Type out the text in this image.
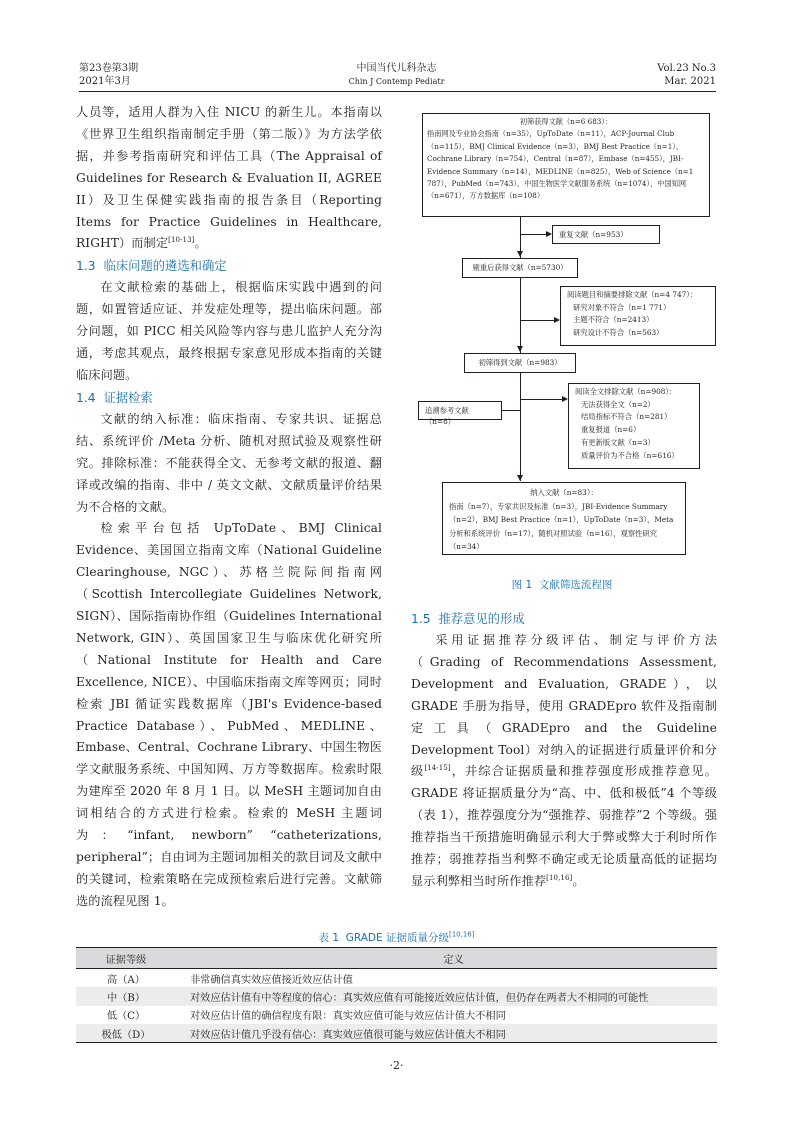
第23卷第3期
2021年3月
中国当代儿科杂志
Chin J Contemp Pediatr
Vol.23 No.3
Mar. 2021

人员等，适用人群为入住 NICU 的新生儿。本指南以《世界卫生组织指南制定手册（第二版）》为方法学依据，并参考指南研究和评估工具（The Appraisal of Guidelines for Research & Evaluation II, AGREE II）及卫生保健实践指南的报告条目（Reporting Items for Practice Guidelines in Healthcare, RIGHT）而制定[10-13]。

1.3 临床问题的遴选和确定

在文献检索的基础上，根据临床实践中遇到的问题，如置管适应证、并发症处理等，提出临床问题。部分问题，如 PICC 相关风险等内容与患儿监护人充分沟通，考虑其观点，最终根据专家意见形成本指南的关键临床问题。

1.4 证据检索

文献的纳入标准：临床指南、专家共识、证据总结、系统评价 /Meta 分析、随机对照试验及观察性研究。排除标准：不能获得全文、无参考文献的报道、翻译或改编的指南、非中 / 英文文献、文献质量评价结果为不合格的文献。

检索平台包括 UpToDate、BMJ Clinical Evidence、美国国立指南文库（National Guideline Clearinghouse, NGC）、苏格兰院际间指南网（Scottish Intercollegiate Guidelines Network, SIGN）、国际指南协作组（Guidelines International Network, GIN）、英国国家卫生与临床优化研究所（National Institute for Health and Care Excellence, NICE）、中国临床指南文库等网页；同时检索 JBI 循证实践数据库（JBI's Evidence-based Practice Database）、PubMed、MEDLINE、Embase、Central、Cochrane Library、中国生物医学文献服务系统、中国知网、万方等数据库。检索时限为建库至 2020 年 8 月 1 日。以 MeSH 主题词加自由词相结合的方式进行检索。检索的 MeSH 主题词为：“infant, newborn” “catheterizations, peripheral”；自由词为主题词加相关的款目词及文献中的关键词，检索策略在完成预检索后进行完善。文献筛选的流程见图 1。

初筛获得文献（n=6 683）：
指南网及专业协会指南（n=35），UpToDate（n=11），ACP-Journal Club（n=115），BMJ Clinical Evidence（n=3），BMJ Best Practice（n=1），Cochrane Library（n=754），Central（n=87），Embase（n=455），JBI-Evidence Summary（n=14），MEDLINE（n=825），Web of Science（n=1 787），PubMed（n=743），中国生物医学文献服务系统（n=1074），中国知网（n=671），万方数据库（n=108）
重复文献（n=953）
剔重后获得文献（n=5730）
阅读题目和摘要排除文献（n=4 747）：
研究对象不符合（n=1 771）
主题不符合（n=2413）
研究设计不符合（n=563）
初筛得到文献（n=983）
追溯参考文献（n=8）
阅读全文排除文献（n=908）：
无法获得全文（n=2）
结局指标不符合（n=281）
重复报道（n=6）
有更新版文献（n=3）
质量评价为不合格（n=616）
纳入文献（n=83）：
指南（n=7），专家共识及标准（n=3），JBI-Evidence Summary（n=2），BMJ Best Practice（n=1），UpToDate（n=3），Meta 分析和系统评价（n=17），随机对照试验（n=16），观察性研究（n=34）
图 1 文献筛选流程图
1.5 推荐意见的形成

采用证据推荐分级评估、制定与评价方法（Grading of Recommendations Assessment, Development and Evaluation, GRADE），以 GRADE 手册为指导，使用 GRADEpro 软件及指南制定工具（GRADEpro and the Guideline Development Tool）对纳入的证据进行质量评价和分级[14-15]，并综合证据质量和推荐强度形成推荐意见。GRADE 将证据质量分为“高、中、低和极低”4 个等级（表 1），推荐强度分为“强推荐、弱推荐”2 个等级。强推荐指当干预措施明确显示利大于弊或弊大于利时所作推荐；弱推荐指当利弊不确定或无论质量高低的证据均显示利弊相当时所作推荐[10,16]。

表 1 GRADE 证据质量分级[10,16]
证据等级	定义
高（A）	非常确信真实效应值接近效应估计值
中（B）	对效应估计值有中等程度的信心：真实效应值有可能接近效应估计值，但仍存在两者大不相同的可能性
低（C）	对效应估计值的确信程度有限：真实效应值可能与效应估计值大不相同
极低（D）	对效应估计值几乎没有信心：真实效应值很可能与效应估计值大不相同
·2·
